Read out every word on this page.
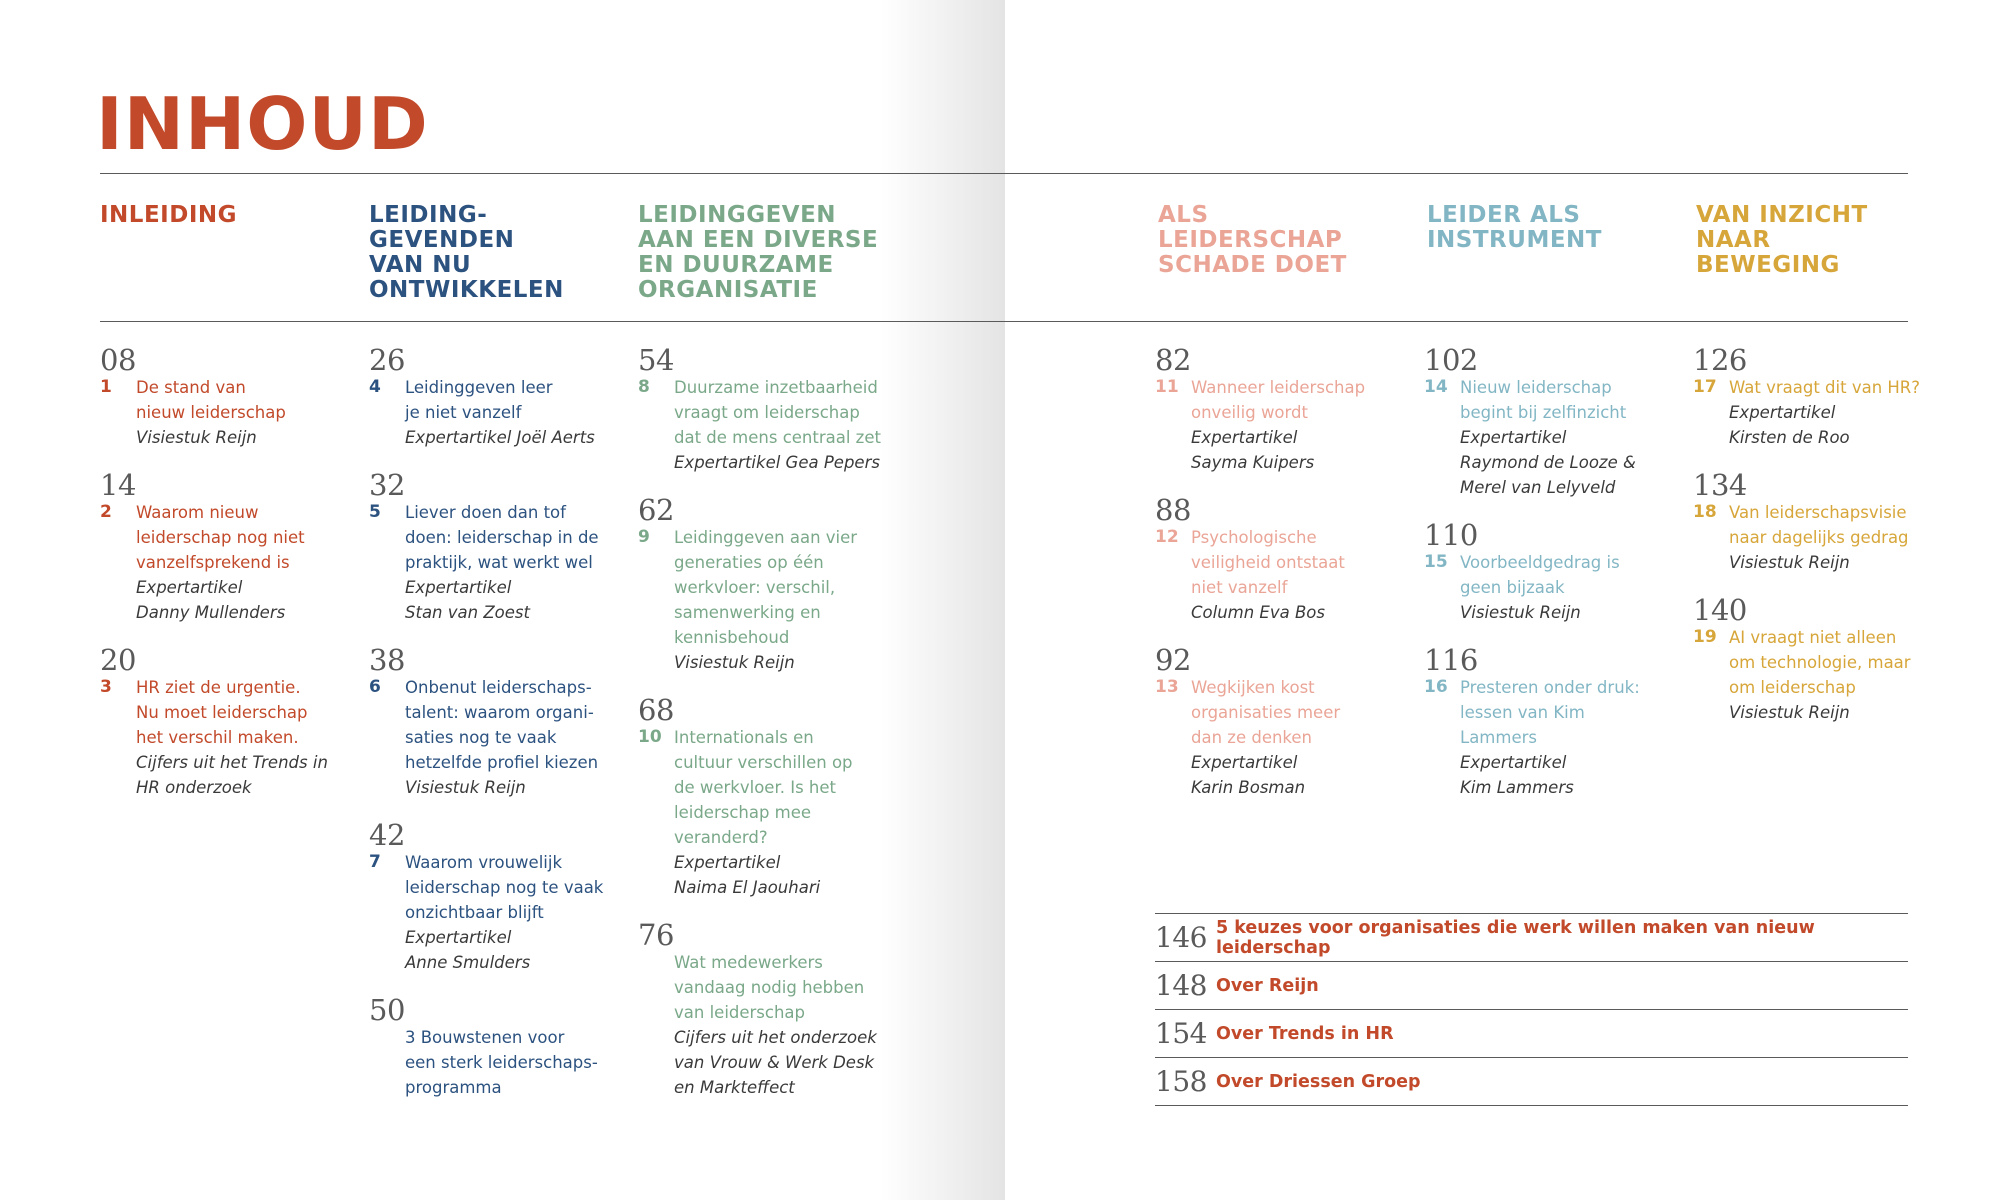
INHOUD
INLEIDING	LEIDING-
GEVENDEN
VAN NU
ONTWIKKELEN
LEIDINGGEVEN
AAN EEN DIVERSE
EN DUURZAME
ORGANISATIE
ALS
LEIDERSCHAP
SCHADE DOET
LEIDER ALS
INSTRUMENT
VAN INZICHT
NAAR
BEWEGING
08
1	De stand van
nieuw leiderschap
Visiestuk Reijn
14
2	Waarom nieuw
leiderschap nog niet
vanzelfsprekend is
Expertartikel
Danny Mullenders
20
3	HR ziet de urgentie.
Nu moet leiderschap
het verschil maken.
Cijfers uit het Trends in
HR onderzoek
26
4	Leidinggeven leer
je niet vanzelf
Expertartikel Joël Aerts
32
5	Liever doen dan tof
doen: leiderschap in de
praktijk, wat werkt wel
Expertartikel
Stan van Zoest
38
6	Onbenut leiderschaps-
talent: waarom organi-
saties nog te vaak
hetzelfde profiel kiezen
Visiestuk Reijn
42
7	Waarom vrouwelijk
leiderschap nog te vaak
onzichtbaar blijft
Expertartikel
Anne Smulders
50
3 Bouwstenen voor
een sterk leiderschaps-
programma
54
8	Duurzame inzetbaarheid
vraagt om leiderschap
dat de mens centraal zet
Expertartikel Gea Pepers
62
9	Leidinggeven aan vier
generaties op één
werkvloer: verschil,
samenwerking en
kennisbehoud
Visiestuk Reijn
68
10 Internationals en
cultuur verschillen op
de werkvloer. Is het
leiderschap mee
veranderd?
Expertartikel
Naima El Jaouhari
76
Wat medewerkers
vandaag nodig hebben
van leiderschap
Cijfers uit het onderzoek
van Vrouw & Werk Desk
en Markteffect
82
11 Wanneer leiderschap
onveilig wordt
Expertartikel
Sayma Kuipers
88
12 Psychologische
veiligheid ontstaat
niet vanzelf
Column Eva Bos
92
13 Wegkijken kost
organisaties meer
dan ze denken
Expertartikel
Karin Bosman
102
14 Nieuw leiderschap
begint bij zelfinzicht
Expertartikel
Raymond de Looze &
Merel van Lelyveld
110
15 Voorbeeldgedrag is
geen bijzaak
Visiestuk Reijn
116
16 Presteren onder druk:
lessen van Kim
Lammers
Expertartikel
Kim Lammers
126
17 Wat vraagt dit van HR?
Expertartikel
Kirsten de Roo
134
18 Van leiderschapsvisie
naar dagelijks gedrag
Visiestuk Reijn
140
19 AI vraagt niet alleen
om technologie, maar
om leiderschap
Visiestuk Reijn
146 5 keuzes voor organisaties die werk willen maken van nieuw leiderschap
148 Over Reijn
154 Over Trends in HR
158 Over Driessen Groep
